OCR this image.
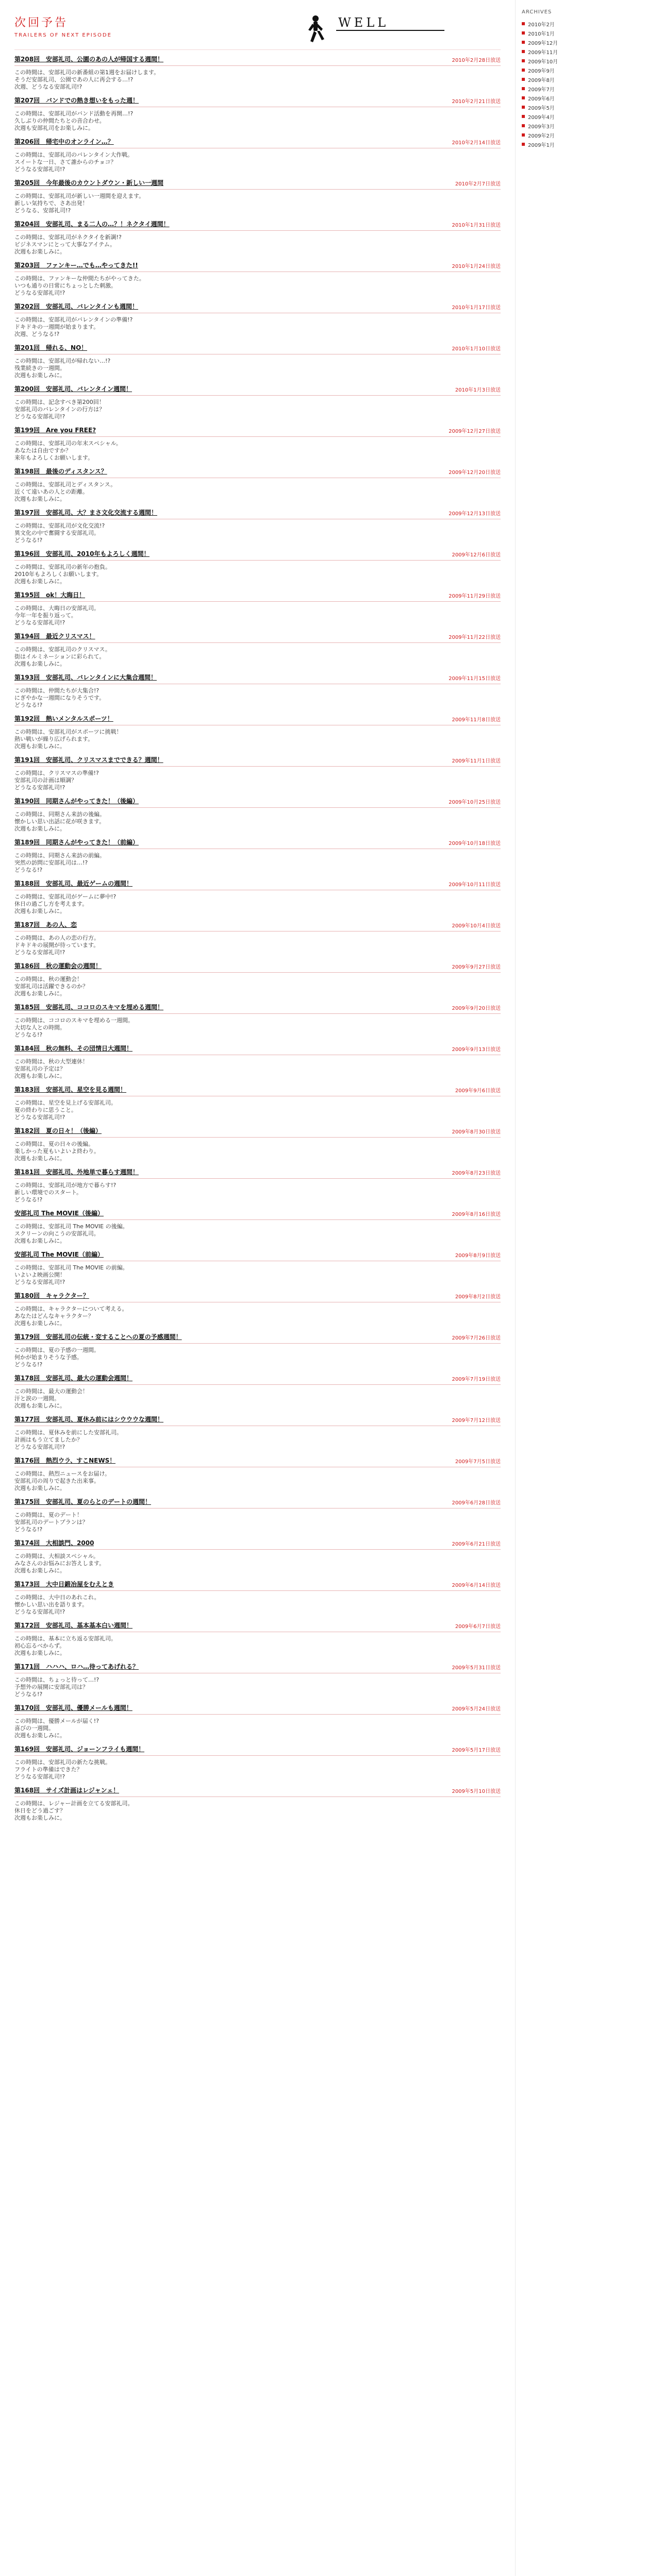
次回予告
TRAILERS OF NEXT EPISODE
WELL
第208回　安部礼司、公園のあの人が帰国する週間！	2010年2月28日放送

この時間は、安部礼司の新番組の第1週をお届けします。

そうだ安部礼司、公園であの人に再会する…!?

次週、どうなる安部礼司!?

第207回　バンドでの熱き想いをもった週！	2010年2月21日放送

この時間は、安部礼司がバンド活動を再開…!?

久しぶりの仲間たちとの音合わせ。

次週も安部礼司をお楽しみに。

第206回　帰宅中のオンライン…？	2010年2月14日放送

この時間は、安部礼司のバレンタイン大作戦。

スイートな一日、さて誰からのチョコ？

どうなる安部礼司!?

第205回　今年最後のカウントダウン・新しい一週間	2010年2月7日放送

この時間は、安部礼司が新しい一週間を迎えます。

新しい気持ちで、さあ出発！

どうなる、安部礼司!?

第204回　安部礼司、まる二人の…？！ネクタイ週間！	2010年1月31日放送

この時間は、安部礼司がネクタイを新調!?

ビジネスマンにとって大事なアイテム。

次週もお楽しみに。

第203回　ファンキー…でも…やってきた!!	2010年1月24日放送

この時間は、ファンキーな仲間たちがやってきた。

いつも通りの日常にちょっとした刺激。

どうなる安部礼司!?

第202回　安部礼司、バレンタインも週間！	2010年1月17日放送

この時間は、安部礼司がバレンタインの準備!?

ドキドキの一週間が始まります。

次週、どうなる!?

第201回　帰れる、NO！	2010年1月10日放送

この時間は、安部礼司が帰れない…!?

残業続きの一週間。

次週もお楽しみに。

第200回　安部礼司、バレンタイン週間！	2010年1月3日放送

この時間は、記念すべき第200回！

安部礼司のバレンタインの行方は？

どうなる安部礼司!?

第199回　Are you FREE?	2009年12月27日放送

この時間は、安部礼司の年末スペシャル。

あなたは自由ですか？

来年もよろしくお願いします。

第198回　最後のディスタンス？	2009年12月20日放送

この時間は、安部礼司とディスタンス。

近くて遠いあの人との距離。

次週もお楽しみに。

第197回　安部礼司、大？まさ文化交流する週間！	2009年12月13日放送

この時間は、安部礼司が文化交流!?

異文化の中で奮闘する安部礼司。

どうなる!?

第196回　安部礼司、2010年もよろしく週間！	2009年12月6日放送

この時間は、安部礼司の新年の抱負。

2010年もよろしくお願いします。

次週もお楽しみに。

第195回　ok！大晦日！	2009年11月29日放送

この時間は、大晦日の安部礼司。

今年一年を振り返って。

どうなる安部礼司!?

第194回　最近クリスマス！	2009年11月22日放送

この時間は、安部礼司のクリスマス。

街はイルミネーションに彩られて。

次週もお楽しみに。

第193回　安部礼司、バレンタインに大集合週間！	2009年11月15日放送

この時間は、仲間たちが大集合!?

にぎやかな一週間になりそうです。

どうなる!?

第192回　熱いメンタルスポーツ！	2009年11月8日放送

この時間は、安部礼司がスポーツに挑戦！

熱い戦いが繰り広げられます。

次週もお楽しみに。

第191回　安部礼司、クリスマスまでできる？週間！	2009年11月1日放送

この時間は、クリスマスの準備!?

安部礼司の計画は順調？

どうなる安部礼司!?

第190回　同期さんがやってきた！（後編）	2009年10月25日放送

この時間は、同期さん来訪の後編。

懐かしい思い出話に花が咲きます。

次週もお楽しみに。

第189回　同期さんがやってきた！（前編）	2009年10月18日放送

この時間は、同期さん来訪の前編。

突然の訪問に安部礼司は…!?

どうなる!?

第188回　安部礼司、最近ゲームの週間！	2009年10月11日放送

この時間は、安部礼司がゲームに夢中!?

休日の過ごし方を考えます。

次週もお楽しみに。

第187回　あの人、恋	2009年10月4日放送

この時間は、あの人の恋の行方。

ドキドキの展開が待っています。

どうなる安部礼司!?

第186回　秋の運動会の週間！	2009年9月27日放送

この時間は、秋の運動会！

安部礼司は活躍できるのか？

次週もお楽しみに。

第185回　安部礼司、ココロのスキマを埋める週間！	2009年9月20日放送

この時間は、ココロのスキマを埋める一週間。

大切な人との時間。

どうなる!?

第184回　秋の無料、その団情日大週間！	2009年9月13日放送

この時間は、秋の大型連休！

安部礼司の予定は？

次週もお楽しみに。

第183回　安部礼司、星空を見る週間！	2009年9月6日放送

この時間は、星空を見上げる安部礼司。

夏の終わりに思うこと。

どうなる安部礼司!?

第182回　夏の日々！（後編）	2009年8月30日放送

この時間は、夏の日々の後編。

楽しかった夏もいよいよ終わり。

次週もお楽しみに。

第181回　安部礼司、外地単で暮らす週間！	2009年8月23日放送

この時間は、安部礼司が地方で暮らす!?

新しい環境でのスタート。

どうなる!?

安部礼司 The MOVIE（後編）	2009年8月16日放送

この時間は、安部礼司 The MOVIE の後編。

スクリーンの向こうの安部礼司。

次週もお楽しみに。

安部礼司 The MOVIE（前編）	2009年8月9日放送

この時間は、安部礼司 The MOVIE の前編。

いよいよ映画公開！

どうなる安部礼司!?

第180回　キャラクター？	2009年8月2日放送

この時間は、キャラクターについて考える。

あなたはどんなキャラクター？

次週もお楽しみに。

第179回　安部礼司の伝統・変することへの夏の予感週間！	2009年7月26日放送

この時間は、夏の予感の一週間。

何かが始まりそうな予感。

どうなる!?

第178回　安部礼司、最大の運動会週間！	2009年7月19日放送

この時間は、最大の運動会！

汗と涙の一週間。

次週もお楽しみに。

第177回　安部礼司、夏休み前にはシウウウな週間！	2009年7月12日放送

この時間は、夏休みを前にした安部礼司。

計画はもう立てましたか？

どうなる安部礼司!?

第176回　熱烈ウラ、すこNEWS！	2009年7月5日放送

この時間は、熱烈ニュースをお届け。

安部礼司の周りで起きた出来事。

次週もお楽しみに。

第175回　安部礼司、夏のらとのデートの週間！	2009年6月28日放送

この時間は、夏のデート！

安部礼司のデートプランは？

どうなる!?

第174回　大相談門、2000	2009年6月21日放送

この時間は、大相談スペシャル。

みなさんのお悩みにお答えします。

次週もお楽しみに。

第173回　大中日鍛冶屋をむえとき	2009年6月14日放送

この時間は、大中日のあれこれ。

懐かしい思い出を語ります。

どうなる安部礼司!?

第172回　安部礼司、基本基本白い週間！	2009年6月7日放送

この時間は、基本に立ち返る安部礼司。

初心忘るべからず。

次週もお楽しみに。

第171回　ハハハ、ロハ…待ってあげれる？	2009年5月31日放送

この時間は、ちょっと待って…!?

予想外の展開に安部礼司は？

どうなる!?

第170回　安部礼司、優勝メールも週間！	2009年5月24日放送

この時間は、優勝メールが届く!?

喜びの一週間。

次週もお楽しみに。

第169回　安部礼司、ジョーンフライも週間！	2009年5月17日放送

この時間は、安部礼司の新たな挑戦。

フライトの準備はできた？

どうなる安部礼司!?

第168回　サイズ計画はレジャンェ！	2009年5月10日放送

この時間は、レジャー計画を立てる安部礼司。

休日をどう過ごす？

次週もお楽しみに。

ARCHIVES
2010年2月
2010年1月
2009年12月
2009年11月
2009年10月
2009年9月
2009年8月
2009年7月
2009年6月
2009年5月
2009年4月
2009年3月
2009年2月
2009年1月
